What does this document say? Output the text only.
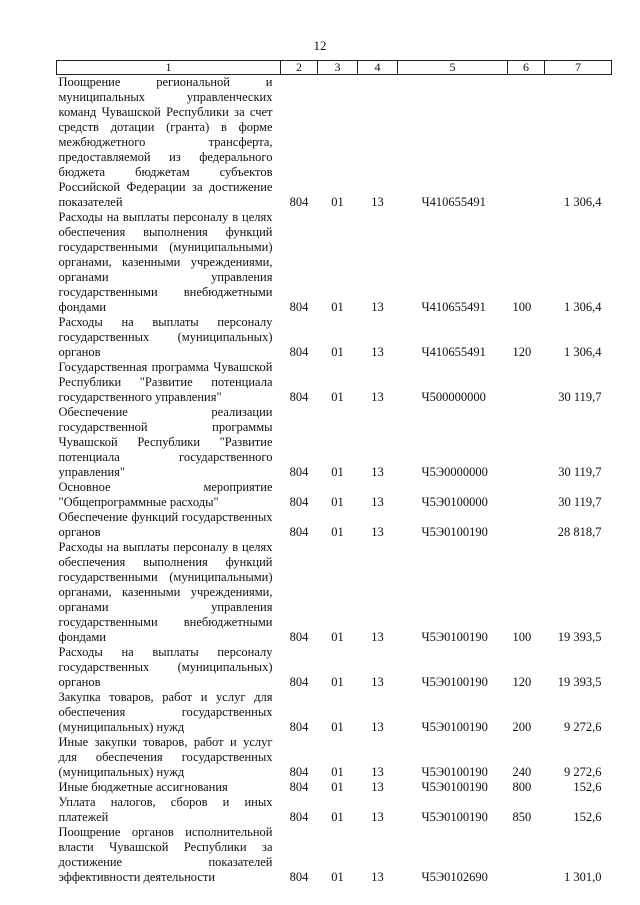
12
1	2	3	4	5	6	7
Поощрение региональной и муниципальных управленческих команд Чувашской Республики за счет средств дотации (гранта) в форме межбюджетного трансферта, предоставляемой из федерального бюджета бюджетам субъектов Российской Федерации за достижение показателей	804	01	13	Ч410655491		1 306,4
Расходы на выплаты персоналу в целях обеспечения выполнения функций государственными (муниципальными) органами, казенными учреждениями, органами управления государственными внебюджетными фондами	804	01	13	Ч410655491	100	1 306,4
Расходы на выплаты персоналу государственных (муниципальных) органов	804	01	13	Ч410655491	120	1 306,4
Государственная программа Чувашской Республики "Развитие потенциала государственного управления"	804	01	13	Ч500000000		30 119,7
Обеспечение реализации государственной программы Чувашской Республики "Развитие потенциала государственного управления"	804	01	13	Ч5Э0000000		30 119,7
Основное мероприятие "Общепрограммные расходы"	804	01	13	Ч5Э0100000		30 119,7
Обеспечение функций государственных органов	804	01	13	Ч5Э0100190		28 818,7
Расходы на выплаты персоналу в целях обеспечения выполнения функций государственными (муниципальными) органами, казенными учреждениями, органами управления государственными внебюджетными фондами	804	01	13	Ч5Э0100190	100	19 393,5
Расходы на выплаты персоналу государственных (муниципальных) органов	804	01	13	Ч5Э0100190	120	19 393,5
Закупка товаров, работ и услуг для обеспечения государственных (муниципальных) нужд	804	01	13	Ч5Э0100190	200	9 272,6
Иные закупки товаров, работ и услуг для обеспечения государственных (муниципальных) нужд	804	01	13	Ч5Э0100190	240	9 272,6
Иные бюджетные ассигнования	804	01	13	Ч5Э0100190	800	152,6
Уплата налогов, сборов и иных платежей	804	01	13	Ч5Э0100190	850	152,6
Поощрение органов исполнительной власти Чувашской Республики за достижение показателей эффективности деятельности	804	01	13	Ч5Э0102690		1 301,0
